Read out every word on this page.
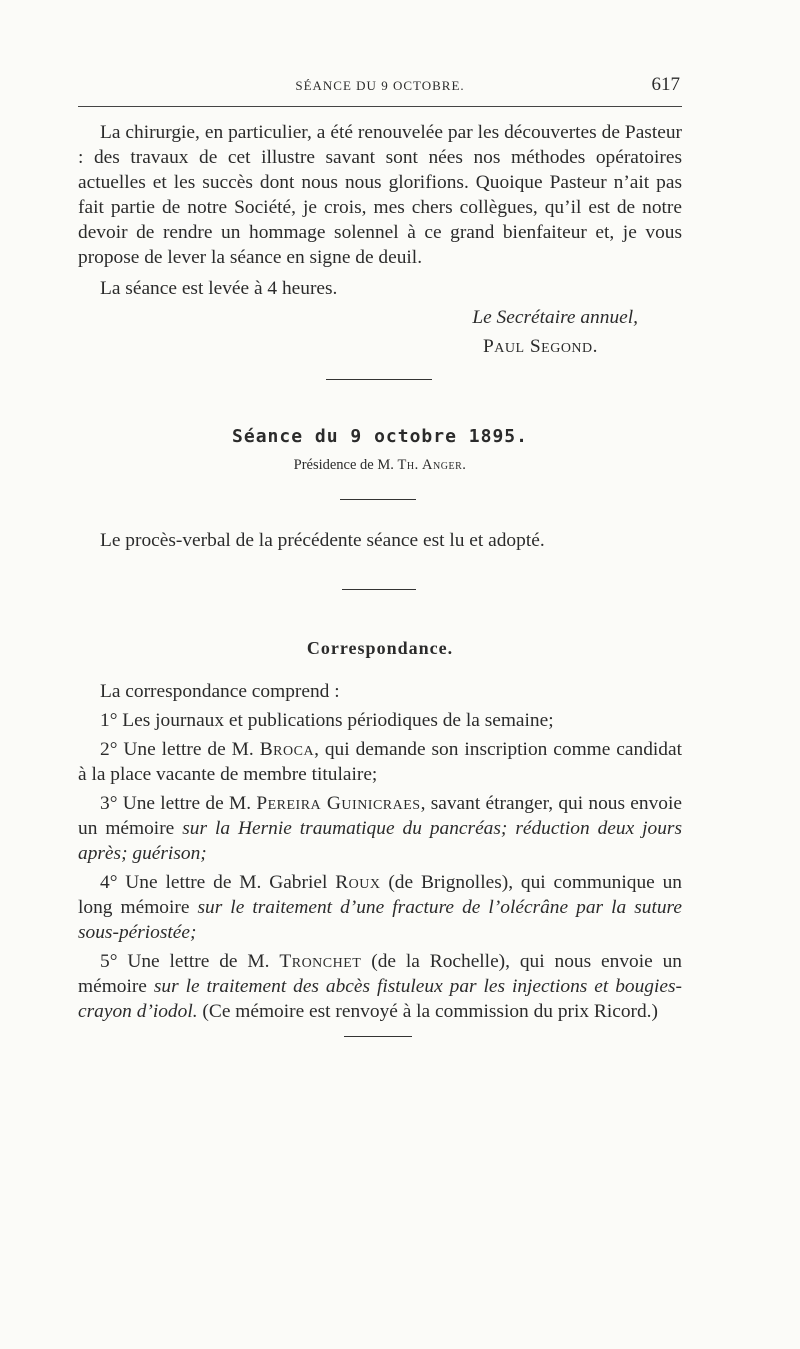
SÉANCE DU 9 OCTOBRE.	617

La chirurgie, en particulier, a été renouvelée par les découvertes de Pasteur : des travaux de cet illustre savant sont nées nos méthodes opératoires actuelles et les succès dont nous nous glorifions. Quoique Pasteur n’ait pas fait partie de notre Société, je crois, mes chers collègues, qu’il est de notre devoir de rendre un hommage solennel à ce grand bienfaiteur et, je vous propose de lever la séance en signe de deuil.

La séance est levée à 4 heures.

Le Secrétaire annuel,
Paul Segond.
Séance du 9 octobre 1895.
Présidence de M. Th. Anger.

Le procès-verbal de la précédente séance est lu et adopté.

Correspondance.

La correspondance comprend :

1° Les journaux et publications périodiques de la semaine;

2° Une lettre de M. Broca, qui demande son inscription comme candidat à la place vacante de membre titulaire;

3° Une lettre de M. Pereira Guinicraes, savant étranger, qui nous envoie un mémoire sur la Hernie traumatique du pancréas; réduction deux jours après; guérison;

4° Une lettre de M. Gabriel Roux (de Brignolles), qui communique un long mémoire sur le traitement d’une fracture de l’olécrâne par la suture sous-périostée;

5° Une lettre de M. Tronchet (de la Rochelle), qui nous envoie un mémoire sur le traitement des abcès fistuleux par les injections et bougies-crayon d’iodol. (Ce mémoire est renvoyé à la commission du prix Ricord.)
